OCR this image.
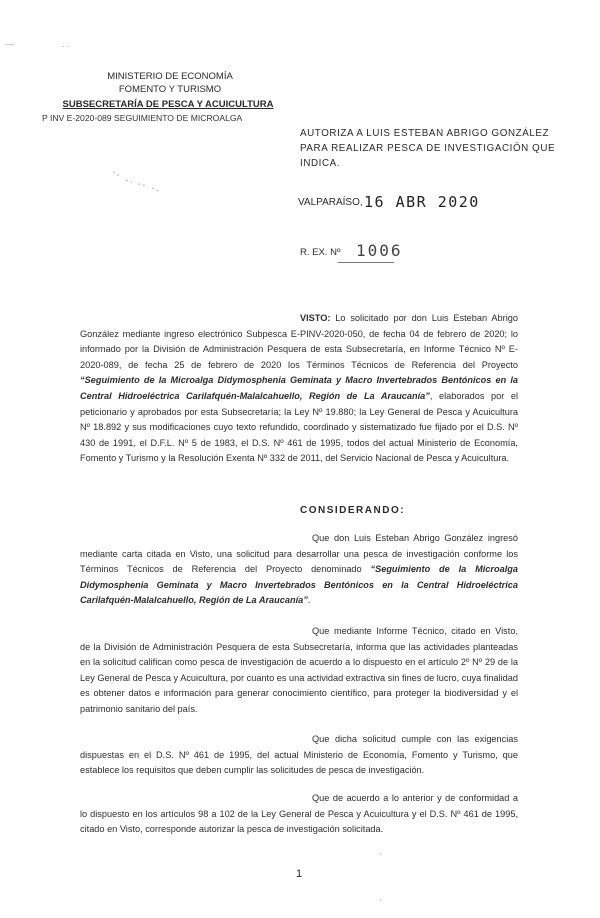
·—	· ·
MINISTERIO DE ECONOMÍA
FOMENTO Y TURISMO
SUBSECRETARÍA DE PESCA Y ACUICULTURA
P INV E-2020-089 SEGUIMIENTO DE MICROALGA
AUTORIZA A LUIS ESTEBAN ABRIGO GONZÁLEZ PARA REALIZAR PESCA DE INVESTIGACIÓN QUE INDICA.
VALPARAÍSO, 16 ABR 2020
R. EX. Nº 1006
VISTO: Lo solicitado por don Luis Esteban Abrigo González mediante ingreso electrónico Subpesca E-PINV-2020-050, de fecha 04 de febrero de 2020; lo informado por la División de Administración Pesquera de esta Subsecretaría, en Informe Técnico Nº E-2020-089, de fecha 25 de febrero de 2020 los Términos Técnicos de Referencia del Proyecto “Seguimiento de la Microalga Didymosphenia Geminata y Macro Invertebrados Bentónicos en la Central Hidroeléctrica Carilafquén-Malalcahuello, Región de La Araucanía”, elaborados por el peticionario y aprobados por esta Subsecretaría; la Ley Nº 19.880; la Ley General de Pesca y Acuicultura Nº 18.892 y sus modificaciones cuyo texto refundido, coordinado y sistematizado fue fijado por el D.S. Nº 430 de 1991, el D.F.L. Nº 5 de 1983, el D.S. Nº 461 de 1995, todos del actual Ministerio de Economía, Fomento y Turismo y la Resolución Exenta Nº 332 de 2011, del Servicio Nacional de Pesca y Acuicultura.
CONSIDERANDO:
Que don Luis Esteban Abrigo González ingresó mediante carta citada en Visto, una solicitud para desarrollar una pesca de investigación conforme los Términos Técnicos de Referencia del Proyecto denominado “Seguimiento de la Microalga Didymosphenia Geminata y Macro Invertebrados Bentónicos en la Central Hidroeléctrica Carilafquén-Malalcahuello, Región de La Araucanía”.
Que mediante Informe Técnico, citado en Visto, de la División de Administración Pesquera de esta Subsecretaría, informa que las actividades planteadas en la solicitud califican como pesca de investigación de acuerdo a lo dispuesto en el artículo 2º Nº 29 de la Ley General de Pesca y Acuicultura, por cuanto es una actividad extractiva sin fines de lucro, cuya finalidad es obtener datos e información para generar conocimiento científico, para proteger la biodiversidad y el patrimonio sanitario del país.
Que dicha solicitud cumple con las exigencias dispuestas en el D.S. Nº 461 de 1995, del actual Ministerio de Economía, Fomento y Turismo, que establece los requisitos que deben cumplir las solicitudes de pesca de investigación.
Que de acuerdo a lo anterior y de conformidad a lo dispuesto en los artículos 98 a 102 de la Ley General de Pesca y Acuicultura y el D.S. Nº 461 de 1995, citado en Visto, corresponde autorizar la pesca de investigación solicitada.
1
'
'
